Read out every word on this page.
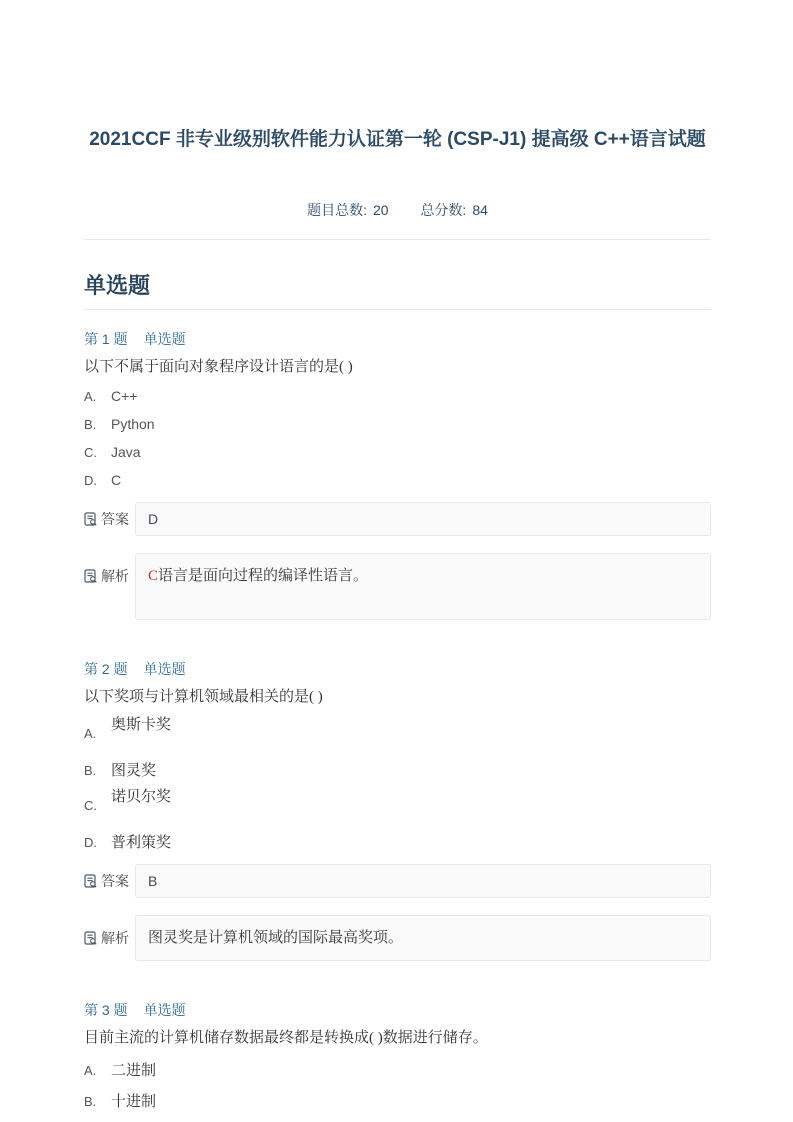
2021CCF 非专业级别软件能力认证第一轮 (CSP-J1) 提高级 C++语言试题
题目总数: 20 总分数: 84
单选题
第 1 题 单选题

以下不属于面向对象程序设计语言的是( )

A.	C++
B.	Python
C.	Java
D.	C
答案	D
解析	C语言是面向过程的编译性语言。
第 2 题 单选题

以下奖项与计算机领域最相关的是( )

A.
奥斯卡奖
B. 图灵奖
C.
诺贝尔奖
D. 普利策奖
答案	B
解析	图灵奖是计算机领域的国际最高奖项。
第 3 题 单选题

目前主流的计算机储存数据最终都是转换成( )数据进行储存。

A. 二进制
B. 十进制
